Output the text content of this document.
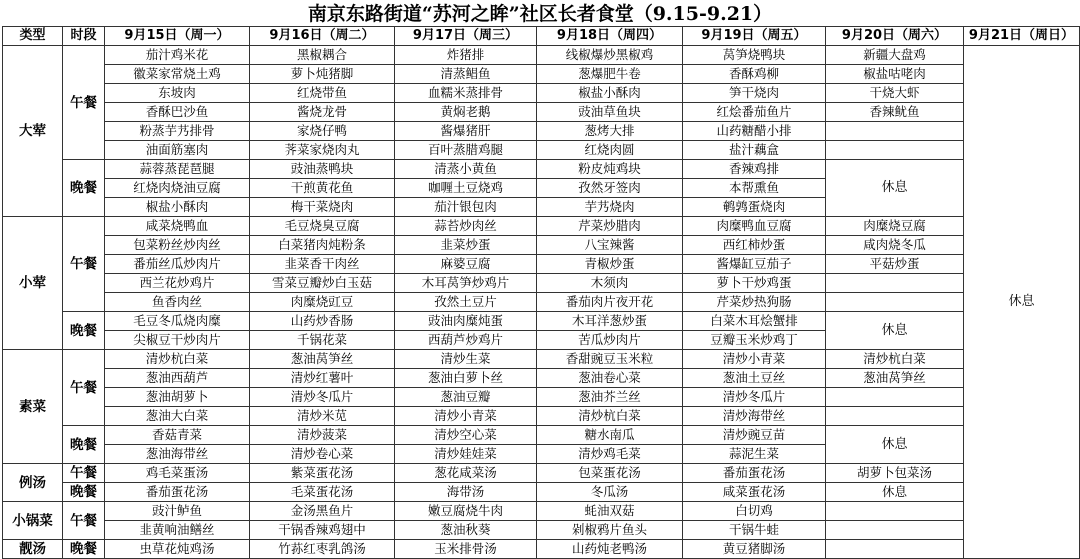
南京东路街道“苏河之眸”社区长者食堂（9.15-9.21）
类型	时段	9月15日（周一）	9月16日（周二）	9月17日（周三）	9月18日（周四）	9月19日（周五）	9月20日（周六）	9月21日（周日）
大荤	午餐	茄汁鸡米花	黑椒耦合	炸猪排	线椒爆炒黑椒鸡	莴笋烧鸭块	新疆大盘鸡	休息
		徽菜家常烧土鸡	萝卜炖猪脚	清蒸鲳鱼	葱爆肥牛卷	香酥鸡柳	椒盐咕咾肉	
		东坡肉	红烧带鱼	血糯米蒸排骨	椒盐小酥肉	笋干烧肉	干烧大虾	
		香酥巴沙鱼	酱烧龙骨	黄焖老鹅	豉油草鱼块	红烩番茄鱼片	香辣鱿鱼	
		粉蒸芋艿排骨	家烧仔鸭	酱爆猪肝	葱烤大排	山药糖醋小排		
		油面筋塞肉	荠菜家烧肉丸	百叶蒸腊鸡腿	红烧肉圆	盐汁藕盒		
	晚餐	蒜蓉蒸琵琶腿	豉油蒸鸭块	清蒸小黄鱼	粉皮炖鸡块	香辣鸡排	休息	
		红烧肉烧油豆腐	干煎黄花鱼	咖喱土豆烧鸡	孜然牙签肉	本帮熏鱼		
		椒盐小酥肉	梅干菜烧肉	茄汁银包肉	芋艿烧肉	鹌鹑蛋烧肉		
小荤	午餐	咸菜烧鸭血	毛豆烧臭豆腐	蒜苔炒肉丝	芹菜炒腊肉	肉糜鸭血豆腐	肉糜烧豆腐	
		包菜粉丝炒肉丝	白菜猪肉炖粉条	韭菜炒蛋	八宝辣酱	西红柿炒蛋	咸肉烧冬瓜	
		番茄丝瓜炒肉片	韭菜香干肉丝	麻婆豆腐	青椒炒蛋	酱爆缸豆茄子	平菇炒蛋	
		西兰花炒鸡片	雪菜豆瓣炒白玉菇	木耳莴笋炒鸡片	木须肉	萝卜干炒鸡蛋		
		鱼香肉丝	肉糜烧豇豆	孜然土豆片	番茄肉片夜开花	芹菜炒热狗肠		
	晚餐	毛豆冬瓜烧肉糜	山药炒香肠	豉油肉糜炖蛋	木耳洋葱炒蛋	白菜木耳烩蟹排	休息	
		尖椒豆干炒肉片	千锅花菜	西葫芦炒鸡片	苦瓜炒肉片	豆瓣玉米炒鸡丁		
素菜	午餐	清炒杭白菜	葱油莴笋丝	清炒生菜	香甜豌豆玉米粒	清炒小青菜	清炒杭白菜	
		葱油西葫芦	清炒红薯叶	葱油白萝卜丝	葱油卷心菜	葱油土豆丝	葱油莴笋丝	
		葱油胡萝卜	清炒冬瓜片	葱油豆瓣	葱油芥兰丝	清炒冬瓜片		
		葱油大白菜	清炒米苋	清炒小青菜	清炒杭白菜	清炒海带丝		
	晚餐	香菇青菜	清炒菠菜	清炒空心菜	糖水南瓜	清炒豌豆苗	休息	
		葱油海带丝	清炒卷心菜	清炒娃娃菜	清炒鸡毛菜	蒜泥生菜		
例汤	午餐	鸡毛菜蛋汤	紫菜蛋花汤	葱花咸菜汤	包菜蛋花汤	番茄蛋花汤	胡萝卜包菜汤	
	晚餐	番茄蛋花汤	毛菜蛋花汤	海带汤	冬瓜汤	咸菜蛋花汤	休息	
小锅菜	午餐	豉汁鲈鱼	金汤黑鱼片	嫩豆腐烧牛肉	蚝油双菇	白切鸡		
		韭黄响油鳝丝	干锅香辣鸡翅中	葱油秋葵	剁椒鸦片鱼头	干锅牛蛙		
靓汤	晚餐	虫草花炖鸡汤	竹荪红枣乳鸽汤	玉米排骨汤	山药炖老鸭汤	黄豆猪脚汤		
